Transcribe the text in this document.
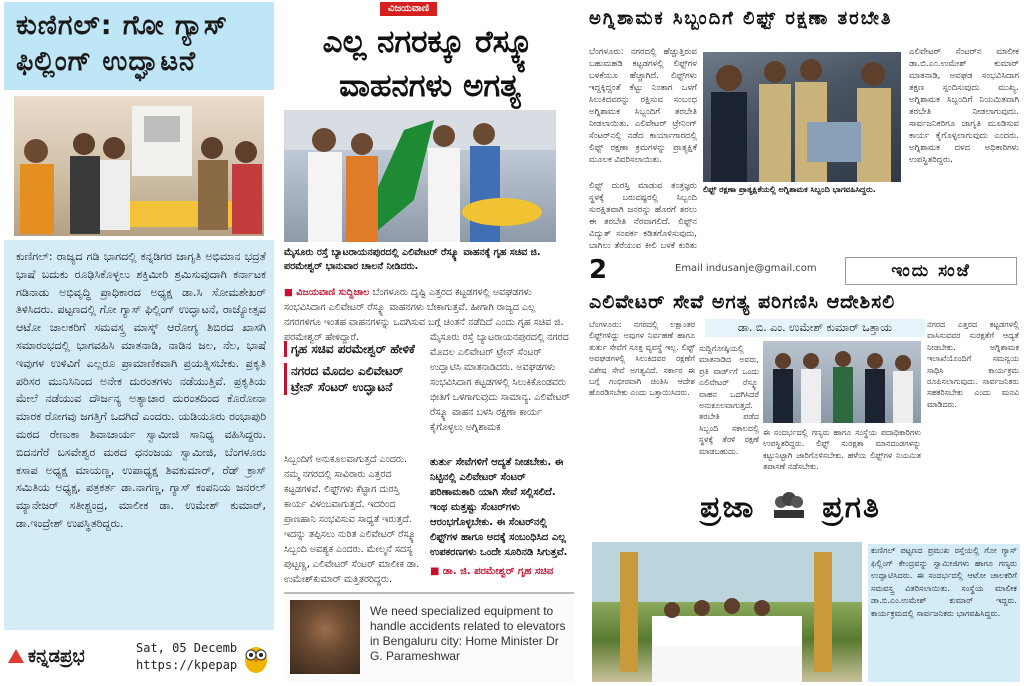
ಕುಣಿಗಲ್: ಗೋ ಗ್ಯಾಸ್ ಫಿಲ್ಲಿಂಗ್ ಉದ್ಘಾಟನೆ
ಕುಣಿಗಲ್: ರಾಜ್ಯದ ಗಡಿ ಭಾಗದಲ್ಲಿ ಕನ್ನಡಿಗರ ಜಾಗೃತಿ ಅಭಿಮಾನ ಭದ್ರತೆ ಭಾಷೆ ಬದುಕು ರೂಢಿಸಿಕೊಳ್ಳಲು ಶಕ್ತಿಮೀರಿ ಶ್ರಮಿಸುವುದಾಗಿ ಕರ್ನಾಟಕ ಗಡಿನಾಡು ಅಭಿವೃದ್ಧಿ ಪ್ರಾಧಿಕಾರದ ಅಧ್ಯಕ್ಷ ಡಾ.ಸಿ ಸೋಮಶೇಖರ್ ತಿಳಿಸಿದರು. ಪಟ್ಟಣದಲ್ಲಿ ಗೋ ಗ್ಯಾಸ್ ಫಿಲ್ಲಿಂಗ್ ಉದ್ಘಾಟನೆ, ರಾಜ್ಯೋತ್ಸವ ಆಟೋ ಚಾಲಕರಿಗೆ ಸಮವಸ್ತ್ರ ಮಾಸ್ಕ್ ಆರೋಗ್ಯ ಶಿಬಿರದ ಖಾಸಗಿ ಸಮಾರಂಭದಲ್ಲಿ ಭಾಗವಹಿಸಿ ಮಾತನಾಡಿ, ನಾಡಿನ ಜಲ, ನೆಲ, ಭಾಷೆ ಇವುಗಳ ಉಳಿವಿಗೆ ಎಲ್ಲರೂ ಪ್ರಾಮಾಣಿಕವಾಗಿ ಪ್ರಯತ್ನಿಸಬೇಕು. ಪ್ರಕೃತಿ ಪರಿಸರ ಮುನಿಸಿನಿಂದ ಅನೇಕ ದುರಂತಗಳು ನಡೆಯುತ್ತಿವೆ. ಪ್ರಕೃತಿಯ ಮೇಲೆ ನಡೆಯುವ ದೌರ್ಜನ್ಯ ಅತ್ಯಾಚಾರ ದುರಂತದಿಂದ ಕೊರೋನಾ ಮಾರಕ ರೋಗವು ಜಗತ್ತಿಗೆ ಒದಗಿದೆ ಎಂದರು. ಯಡಿಯೂರು ರಂಭಾಪುರಿ ಮಠದ ರೇಣುಕಾ ಶಿವಾಚಾರ್ಯ ಸ್ವಾಮೀಜಿ ಸಾನಿಧ್ಯ ವಹಿಸಿದ್ದರು. ಬಿದನಗೆರೆ ಬಸವೇಶ್ವರ ಮಠದ ಧನಂಜಯ ಸ್ವಾಮೀಜಿ, ಬೆಂಗಳೂರು ಕಸಾಪ ಅಧ್ಯಕ್ಷ ಮಾಯಣ್ಣ, ಉಪಾಧ್ಯಕ್ಷ ಶಿವಕುಮಾರ್, ರೆಡ್ ಕ್ರಾಸ್ ಸಮಿತಿಯ ಅಧ್ಯಕ್ಷ, ಪತ್ರಕರ್ತ ಡಾ.ನಾಗಣ್ಣ, ಗ್ಯಾಸ್ ಕಂಪನಿಯ ಜನರಲ್ ಮ್ಯಾನೇಜರ್ ಸತೀಶ್ಚಂದ್ರ, ಮಾಲೀಕ ಡಾ. ಉಮೇಶ್ ಕುಮಾರ್, ಡಾ.ಇಂದ್ರೇಶ್ ಉಪಸ್ಥಿತರಿದ್ದರು.
ಕನ್ನಡಪ್ರಭ	Sat, 05 Decemb
https://kpepap
ವಿಜಯವಾಣಿ
ಎಲ್ಲ ನಗರಕ್ಕೂ ರೆಸ್ಕ್ಯೂ ವಾಹನಗಳು ಅಗತ್ಯ
ಮೈಸೂರು ರಸ್ತೆ ಬ್ಯಾಟರಾಯನಪುರದಲ್ಲಿ ಎಲಿವೇಟರ್ ರೆಸ್ಕ್ಯೂ ವಾಹನಕ್ಕೆ ಗೃಹ ಸಚಿವ ಜಿ. ಪರಮೇಶ್ವರ್ ಭಾನುವಾರ ಚಾಲನೆ ನೀಡಿದರು.
■ ವಿಜಯವಾಣಿ ಸುದ್ದಿಜಾಲ ಬೆಂಗಳೂರು ದೃಷ್ಟಿ ಎತ್ತರದ ಕಟ್ಟಡಗಳಲ್ಲಿ ಅವಘಡಗಳು ಸಂಭವಿಸಿದಾಗ ಎಲಿವೇಟರ್ ರೆಸ್ಕ್ಯೂ ವಾಹನಗಳು ಬೇಕಾಗುತ್ತವೆ. ಹೀಗಾಗಿ ರಾಜ್ಯದ ಎಲ್ಲ ನಗರಗಳಿಗೂ ಇಂತಹ ವಾಹನಗಳನ್ನು ಒದಗಿಸುವ ಬಗ್ಗೆ ಚಿಂತನೆ ನಡೆದಿದೆ ಎಂದು ಗೃಹ ಸಚಿವ ಜಿ. ಪರಮೇಶ್ವರ್ ಹೇಳಿದ್ದಾರೆ.
ಗೃಹ ಸಚಿವ ಪರಮೇಶ್ವರ್ ಹೇಳಿಕೆ
ನಗರದ ಮೊದಲ ಎಲಿವೇಟರ್ ಟ್ರೇನ್ ಸೆಂಟರ್ ಉದ್ಘಾಟನೆ
ಮೈಸೂರು ರಸ್ತೆ ಬ್ಯಾಟರಾಯನಪುರದಲ್ಲಿ ನಗರದ ಮೊದಲ ಎಲಿವೇಟರ್ ಟ್ರೇನ್ ಸೆಂಟರ್ ಉದ್ಘಾಟಿಸಿ ಮಾತನಾಡಿದರು. ಅವಘಡಗಳು ಸಂಭವಿಸಿದಾಗ ಕಟ್ಟಡಗಳಲ್ಲಿ ಸಿಲುಕಿಕೊಂಡವರು ಭೀತಿಗೆ ಒಳಗಾಗುವುದು ಸಾಮಾನ್ಯ. ಎಲಿವೇಟರ್ ರೆಸ್ಕ್ಯೂ ವಾಹನ ಬಳಸಿ ರಕ್ಷಣಾ ಕಾರ್ಯ ಕೈಗೊಳ್ಳಲು ಅಗ್ನಿಶಾಮಕ
ಸಿಬ್ಬಂದಿಗೆ ಅನುಕೂಲವಾಗುತ್ತದೆ ಎಂದರು. ನಮ್ಮ ನಗರದಲ್ಲಿ ಸಾವಿರಾರು ಎತ್ತರದ ಕಟ್ಟಡಗಳಿವೆ. ಲಿಫ್ಟ್‌ಗಳು ಕೆಟ್ಟಾಗ ದುರಸ್ತಿ ಕಾರ್ಯ ವಿಳಂಬವಾಗುತ್ತದೆ. ಇದರಿಂದ ಪ್ರಾಣಹಾನಿ ಸಂಭವಿಸುವ ಸಾಧ್ಯತೆ ಇರುತ್ತದೆ. ಇದನ್ನು ತಪ್ಪಿಸಲು ನುರಿತ ಎಲಿವೇಟರ್ ರೆಸ್ಕ್ಯೂ ಸಿಬ್ಬಂದಿ ಅವಶ್ಯಕ ಎಂದರು. ಮೇಲ್ಮನೆ ಸದಸ್ಯ ಪುಟ್ಟಣ್ಣ, ಎಲಿವೇಟರ್ ಸೆಂಟರ್ ಮಾಲೀಕ ಡಾ. ಉಮೇಶ್‌ಕುಮಾರ್ ಮತ್ತಿತರರಿದ್ದರು.
ತುರ್ತು ಸೇವೆಗಳಿಗೆ ಆದ್ಯತೆ ನೀಡಬೇಕು. ಈ ನಿಟ್ಟಿನಲ್ಲಿ ಎಲಿವೇಟರ್ ಸೆಂಟರ್ ಪರಿಣಾಮಕಾರಿ ಯಾಗಿ ಸೇವೆ ಸಲ್ಲಿಸಲಿದೆ. ಇಂಥ ಮತ್ತಷ್ಟು ಸೆಂಟರ್‌ಗಳು ಆರಂಭಗೊಳ್ಳಬೇಕು. ಈ ಸೆಂಟರ್‌ನಲ್ಲಿ ಲಿಫ್ಟ್‌ಗಳ ಹಾಗೂ ಅದಕ್ಕೆ ಸಂಬಂಧಿಸಿದ ಎಲ್ಲ ಉಪಕರಣಗಳು ಒಂದೇ ಸೂರಿನಡಿ ಸಿಗುತ್ತವೆ.
■ ಡಾ. ಜಿ. ಪರಮೇಶ್ವರ್ ಗೃಹ ಸಚಿವ
We need specialized equipment to handle accidents related to elevators in Bengaluru city: Home Minister Dr G. Parameshwar
ಅಗ್ನಿಶಾಮಕ ಸಿಬ್ಬಂದಿಗೆ ಲಿಫ್ಟ್ ರಕ್ಷಣಾ ತರಬೇತಿ
ಬೆಂಗಳೂರು: ನಗರದಲ್ಲಿ ಹೆಚ್ಚುತ್ತಿರುವ ಬಹುಮಹಡಿ ಕಟ್ಟಡಗಳಲ್ಲಿ ಲಿಫ್ಟ್‌ಗಳ ಬಳಕೆಯೂ ಹೆಚ್ಚಾಗಿದೆ. ಲಿಫ್ಟ್‌ಗಳು ಇದ್ದಕ್ಕಿದ್ದಂತೆ ಕೆಟ್ಟು ನಿಂತಾಗ ಒಳಗೆ ಸಿಲುಕಿದವರನ್ನು ರಕ್ಷಿಸುವ ಸಂಬಂಧ ಅಗ್ನಿಶಾಮಕ ಸಿಬ್ಬಂದಿಗೆ ತರಬೇತಿ ನೀಡಲಾಯಿತು. ಎಲಿವೇಟರ್ ಟ್ರೇನಿಂಗ್ ಸೆಂಟರ್‌ನಲ್ಲಿ ನಡೆದ ಕಾರ್ಯಾಗಾರದಲ್ಲಿ ಲಿಫ್ಟ್ ರಕ್ಷಣಾ ಕ್ರಮಗಳನ್ನು ಪ್ರಾತ್ಯಕ್ಷಿಕೆ ಮೂಲಕ ವಿವರಿಸಲಾಯಿತು.
ಲಿಫ್ಟ್ ರಕ್ಷಣಾ ಪ್ರಾತ್ಯಕ್ಷಿಕೆಯಲ್ಲಿ ಅಗ್ನಿಶಾಮಕ ಸಿಬ್ಬಂದಿ ಭಾಗವಹಿಸಿದ್ದರು.
ಲಿಫ್ಟ್ ದುರಸ್ತಿ ಮಾಡುವ ತಂತ್ರಜ್ಞರು ಸ್ಥಳಕ್ಕೆ ಬರುವಷ್ಟರಲ್ಲಿ ಸಿಬ್ಬಂದಿ ಸುರಕ್ಷಿತವಾಗಿ ಜನರನ್ನು ಹೊರಗೆ ತರಲು ಈ ತರಬೇತಿ ನೆರವಾಗಲಿದೆ. ಲಿಫ್ಟ್‌ನ ವಿದ್ಯುತ್ ಸಂಪರ್ಕ ಕಡಿತಗೊಳಿಸುವುದು, ಬಾಗಿಲು ತೆರೆಯುವ ಕೀಲಿ ಬಳಕೆ ಕುರಿತು
ಎಲಿವೇಟರ್ ಸೆಂಟರ್‌ನ ಮಾಲೀಕ ಡಾ.ಬಿ.ಎಂ.ಉಮೇಶ್ ಕುಮಾರ್ ಮಾತನಾಡಿ, ಅವಘಡ ಸಂಭವಿಸಿದಾಗ ತಕ್ಷಣ ಸ್ಪಂದಿಸುವುದು ಮುಖ್ಯ. ಅಗ್ನಿಶಾಮಕ ಸಿಬ್ಬಂದಿಗೆ ನಿಯಮಿತವಾಗಿ ತರಬೇತಿ ನೀಡಲಾಗುವುದು. ಸಾರ್ವಜನಿಕರಿಗೂ ಜಾಗೃತಿ ಮೂಡಿಸುವ ಕಾರ್ಯ ಕೈಗೊಳ್ಳಲಾಗುವುದು ಎಂದರು. ಅಗ್ನಿಶಾಮಕ ದಳದ ಅಧಿಕಾರಿಗಳು ಉಪಸ್ಥಿತರಿದ್ದರು.
2	Email indusanje@gmail.com	ಇಂದು ಸಂಜೆ
ಎಲಿವೇಟರ್ ಸೇವೆ ಅಗತ್ಯ ಪರಿಗಣಿಸಿ ಆದೇಶಿಸಲಿ
ಡಾ. ಬಿ. ಎಂ. ಉಮೇಶ್ ಕುಮಾರ್ ಒತ್ತಾಯ
ಬೆಂಗಳೂರು: ನಗರದಲ್ಲಿ ಲಕ್ಷಾಂತರ ಲಿಫ್ಟ್‌ಗಳಿದ್ದು ಅವುಗಳ ನಿರ್ವಹಣೆ ಹಾಗೂ ತುರ್ತು ಸೇವೆಗೆ ಸೂಕ್ತ ವ್ಯವಸ್ಥೆ ಇಲ್ಲ. ಲಿಫ್ಟ್ ಅವಘಡಗಳಲ್ಲಿ ಸಿಲುಕಿದವರ ರಕ್ಷಣೆಗೆ ವಿಶೇಷ ಸೇವೆ ಅಗತ್ಯವಿದೆ. ಸರ್ಕಾರ ಈ ಬಗ್ಗೆ ಗಂಭೀರವಾಗಿ ಚಿಂತಿಸಿ ಆದೇಶ ಹೊರಡಿಸಬೇಕು ಎಂದು ಒತ್ತಾಯಿಸಿದರು.
ಸುದ್ದಿಗೋಷ್ಠಿಯಲ್ಲಿ ಮಾತನಾಡಿದ ಅವರು, ಪ್ರತಿ ವಾರ್ಡ್‌ಗೆ ಒಂದು ಎಲಿವೇಟರ್ ರೆಸ್ಕ್ಯೂ ವಾಹನ ಒದಗಿಸಿದರೆ ಅನುಕೂಲವಾಗುತ್ತದೆ. ತರಬೇತಿ ಪಡೆದ ಸಿಬ್ಬಂದಿ ಸಕಾಲದಲ್ಲಿ ಸ್ಥಳಕ್ಕೆ ತೆರಳಿ ರಕ್ಷಣೆ ಮಾಡಬಹುದು.
ಈ ಸಂದರ್ಭದಲ್ಲಿ ಗಣ್ಯರು ಹಾಗೂ ಸಂಸ್ಥೆಯ ಪದಾಧಿಕಾರಿಗಳು ಉಪಸ್ಥಿತರಿದ್ದರು. ಲಿಫ್ಟ್ ಸುರಕ್ಷತಾ ಮಾನದಂಡಗಳನ್ನು ಕಟ್ಟುನಿಟ್ಟಾಗಿ ಜಾರಿಗೊಳಿಸಬೇಕು. ಹಳೆಯ ಲಿಫ್ಟ್‌ಗಳ ನಿಯಮಿತ ತಪಾಸಣೆ ನಡೆಸಬೇಕು.
ನಗರದ ಎತ್ತರದ ಕಟ್ಟಡಗಳಲ್ಲಿ ವಾಸಿಸುವವರ ಸುರಕ್ಷತೆಗೆ ಆದ್ಯತೆ ನೀಡಬೇಕು. ಅಗ್ನಿಶಾಮಕ ಇಲಾಖೆಯೊಂದಿಗೆ ಸಮನ್ವಯ ಸಾಧಿಸಿ ಕಾರ್ಯಕ್ರಮ ರೂಪಿಸಲಾಗುವುದು. ಸಾರ್ವಜನಿಕರು ಸಹಕರಿಸಬೇಕು ಎಂದು ಮನವಿ ಮಾಡಿದರು.
ಪ್ರಜಾ ಪ್ರಗತಿ
ಕುಣಿಗಲ್ ಪಟ್ಟಣದ ಪ್ರಮುಖ ರಸ್ತೆಯಲ್ಲಿ ಗೋ ಗ್ಯಾಸ್ ಫಿಲ್ಲಿಂಗ್ ಕೇಂದ್ರವನ್ನು ಸ್ವಾಮೀಜಿಗಳು ಹಾಗೂ ಗಣ್ಯರು ಉದ್ಘಾಟಿಸಿದರು. ಈ ಸಂದರ್ಭದಲ್ಲಿ ಆಟೋ ಚಾಲಕರಿಗೆ ಸಮವಸ್ತ್ರ ವಿತರಿಸಲಾಯಿತು. ಸಂಸ್ಥೆಯ ಮಾಲೀಕ ಡಾ.ಬಿ.ಎಂ.ಉಮೇಶ್ ಕುಮಾರ್ ಇದ್ದರು. ಕಾರ್ಯಕ್ರಮದಲ್ಲಿ ಸಾರ್ವಜನಿಕರು ಭಾಗವಹಿಸಿದ್ದರು.
